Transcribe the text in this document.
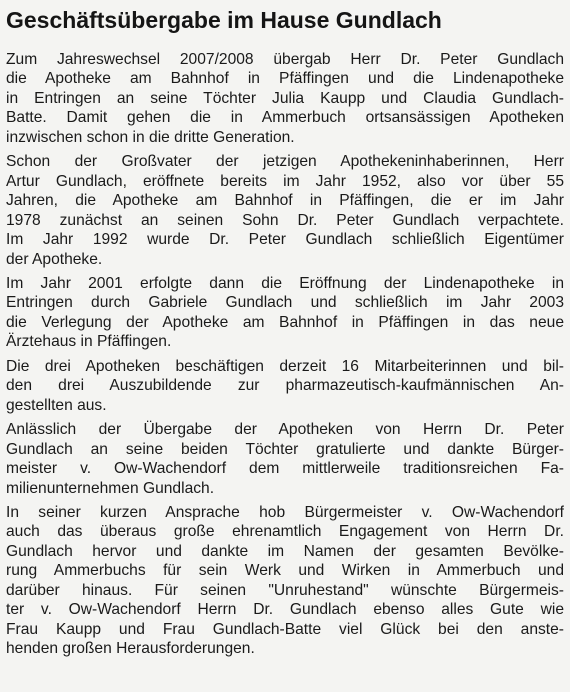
Geschäftsübergabe im Hause Gundlach
Zum Jahreswechsel 2007/2008 übergab Herr Dr. Peter Gundlach
die Apotheke am Bahnhof in Pfäffingen und die Lindenapotheke
in Entringen an seine Töchter Julia Kaupp und Claudia Gundlach-
Batte. Damit gehen die in Ammerbuch ortsansässigen Apotheken
inzwischen schon in die dritte Generation.
Schon der Großvater der jetzigen Apothekeninhaberinnen, Herr
Artur Gundlach, eröffnete bereits im Jahr 1952, also vor über 55
Jahren, die Apotheke am Bahnhof in Pfäffingen, die er im Jahr
1978 zunächst an seinen Sohn Dr. Peter Gundlach verpachtete.
Im Jahr 1992 wurde Dr. Peter Gundlach schließlich Eigentümer
der Apotheke.
Im Jahr 2001 erfolgte dann die Eröffnung der Lindenapotheke in
Entringen durch Gabriele Gundlach und schließlich im Jahr 2003
die Verlegung der Apotheke am Bahnhof in Pfäffingen in das neue
Ärztehaus in Pfäffingen.
Die drei Apotheken beschäftigen derzeit 16 Mitarbeiterinnen und bil-
den drei Auszubildende zur pharmazeutisch-kaufmännischen An-
gestellten aus.
Anlässlich der Übergabe der Apotheken von Herrn Dr. Peter
Gundlach an seine beiden Töchter gratulierte und dankte Bürger-
meister v. Ow-Wachendorf dem mittlerweile traditionsreichen Fa-
milienunternehmen Gundlach.
In seiner kurzen Ansprache hob Bürgermeister v. Ow-Wachendorf
auch das überaus große ehrenamtlich Engagement von Herrn Dr.
Gundlach hervor und dankte im Namen der gesamten Bevölke-
rung Ammerbuchs für sein Werk und Wirken in Ammerbuch und
darüber hinaus. Für seinen "Unruhestand" wünschte Bürgermeis-
ter v. Ow-Wachendorf Herrn Dr. Gundlach ebenso alles Gute wie
Frau Kaupp und Frau Gundlach-Batte viel Glück bei den anste-
henden großen Herausforderungen.
